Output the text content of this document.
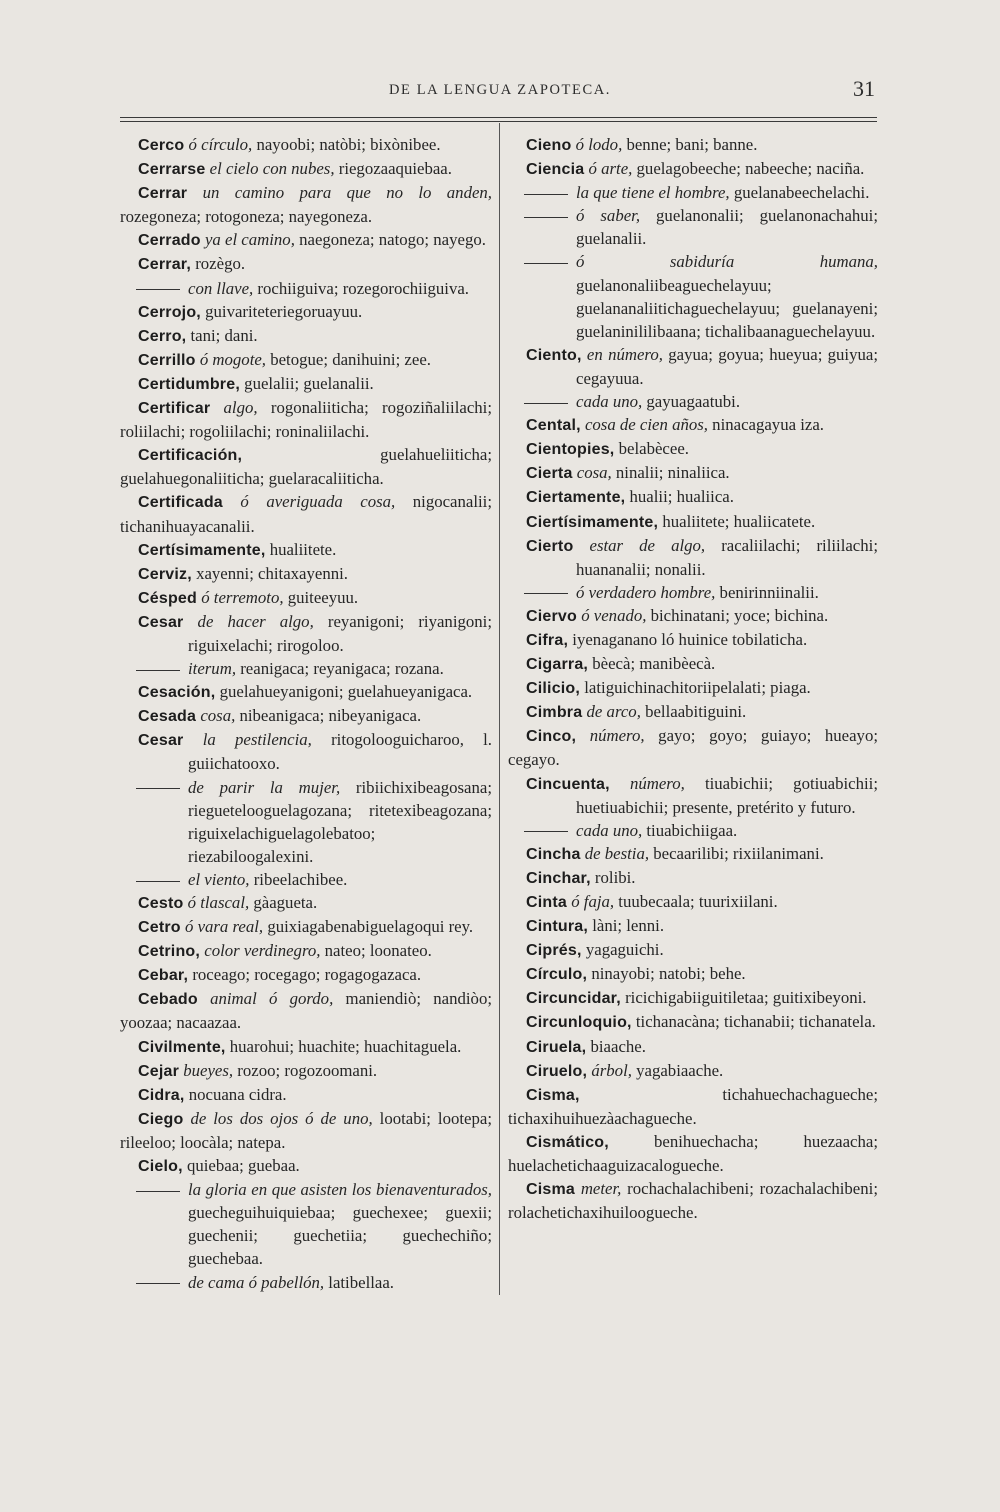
DE LA LENGUA ZAPOTECA.	31
Cerco ó círculo, nayoobi; natòbi; bixònibee.
Cerrarse el cielo con nubes, riegozaaquiebaa.
Cerrar un camino para que no lo anden, rozegoneza; rotogoneza; nayegoneza.
Cerrado ya el camino, naegoneza; natogo; nayego.
Cerrar, rozègo.
con llave, rochiiguiva; rozegorochiiguiva.
Cerrojo, guivariteteriegoruayuu.
Cerro, tani; dani.
Cerrillo ó mogote, betogue; danihuini; zee.
Certidumbre, guelalii; guelanalii.
Certificar algo, rogonaliiticha; rogoziñaliilachi; roliilachi; rogoliilachi; roninaliilachi.
Certificación, guelahueliiticha; guelahuegonaliiticha; guelaracaliiticha.
Certificada ó averiguada cosa, nigocanalii; tichanihuayacanalii.
Certísimamente, hualiitete.
Cerviz, xayenni; chitaxayenni.
Césped ó terremoto, guiteeyuu.
Cesar de hacer algo, reyanigoni; riyanigoni; riguixelachi; rirogoloo.
iterum, reanigaca; reyanigaca; rozana.
Cesación, guelahueyanigoni; guelahueyanigaca.
Cesada cosa, nibeanigaca; nibeyanigaca.
Cesar la pestilencia, ritogolooguicharoo, l. guiichatooxo.
de parir la mujer, ribiichixibeagosana; riegueteloоguelagozana; ritetexibeagozana; riguixelachiguelagolebatoo; riezabiloogalexini.
el viento, ribeelachibee.
Cesto ó tlascal, gàagueta.
Cetro ó vara real, guixiagabenabiguelagoqui rey.
Cetrino, color verdinegro, nateo; loonateo.
Cebar, roceago; rocegago; rogagogazaca.
Cebado animal ó gordo, maniendiò; nandiòo; yoozaa; nacaazaa.
Civilmente, huarohui; huachite; huachitaguela.
Cejar bueyes, rozoo; rogozoomani.
Cidra, nocuana cidra.
Ciego de los dos ojos ó de uno, lootabi; lootepa; rileeloo; loocàla; natepa.
Cielo, quiebaa; guebaa.
la gloria en que asisten los bienaventurados, guecheguihuiquiebaa; guechexee; guexii; guechenii; guechetiia; guechechiño; guechebaa.
de cama ó pabellón, latibellaa.
Cieno ó lodo, benne; bani; banne.
Ciencia ó arte, guelagobeeche; nabeeche; naciña.
la que tiene el hombre, guelanabeechelachi.
ó saber, guelanonalii; guelanonachahui; guelanalii.
ó sabiduría humana, guelanonaliibeaguechelayuu; guelananaliitichaguechelayuu; guelanayeni; guelaninililibaana; tichalibaanaguechelayuu.
Ciento, en número, gayua; goyua; hueyua; guiyua; cegayuua.
cada uno, gayuagaatubi.
Cental, cosa de cien años, ninacagayua iza.
Cientopies, belabècee.
Cierta cosa, ninalii; ninaliica.
Ciertamente, hualii; hualiica.
Ciertísimamente, hualiitete; hualiicatete.
Cierto estar de algo, racaliilachi; riliilachi; huananalii; nonalii.
ó verdadero hombre, benirinniinalii.
Ciervo ó venado, bichinatani; yoce; bichina.
Cifra, iyenaganano ló huinice tobilaticha.
Cigarra, bèecà; manibèecà.
Cilicio, latiguichinachitoriipelalati; piaga.
Cimbra de arco, bellaabitiguini.
Cinco, número, gayo; goyo; guiayo; hueayo; cegayo.
Cincuenta, número, tiuabichii; gotiuabichii; huetiuabichii; presente, pretérito y futuro.
cada uno, tiuabichiigaa.
Cincha de bestia, becaarilibi; rixiilanimani.
Cinchar, rolibi.
Cinta ó faja, tuubecaala; tuurixiilani.
Cintura, làni; lenni.
Ciprés, yagaguichi.
Círculo, ninayobi; natobi; behe.
Circuncidar, ricichigabiiguitiletaa; guitixibeyoni.
Circunloquio, tichanacàna; tichanabii; tichanatela.
Ciruela, biaache.
Ciruelo, árbol, yagabiaache.
Cisma, tichahuechachagueche; tichaxihuihuezàachagueche.
Cismático, benihuechacha; huezaacha; huelachetichaaguizacalogueche.
Cisma meter, rochachalachibeni; rozachalachibeni; rolachetichaxihuiloogueche.
